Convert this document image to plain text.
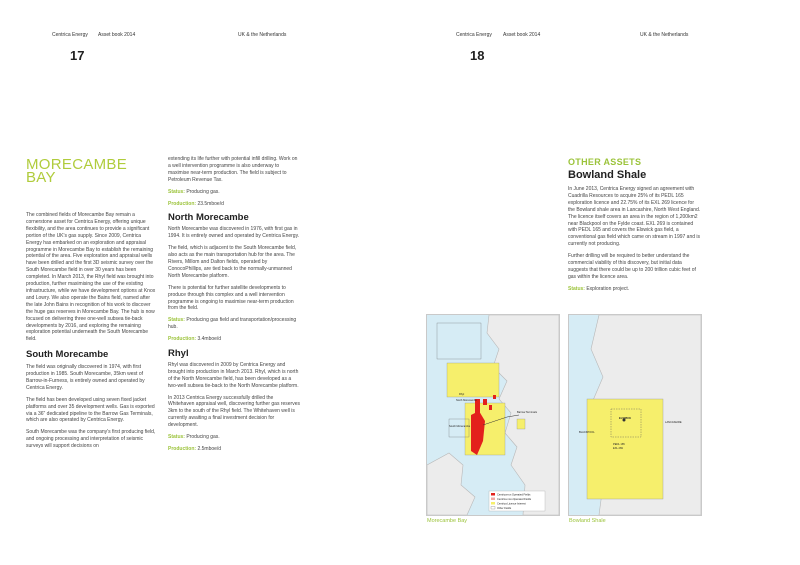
Centrica Energy Asset book 2014	UK & the Netherlands
17
Centrica Energy Asset book 2014	UK & the Netherlands
18
MORECAMBE
BAY

The combined fields of Morecambe Bay remain a cornerstone asset for Centrica Energy, offering unique flexibility, and the area continues to provide a significant portion of the UK's gas supply. Since 2009, Centrica Energy has embarked on an exploration and appraisal programme in Morecambe Bay to establish the remaining potential of the area. Five exploration and appraisal wells have been drilled and the first 3D seismic survey over the South Morecambe field in over 30 years has been completed. In March 2013, the Rhyl field was brought into production, further maximising the use of the existing infrastructure, while we have development options at Knox and Lowry. We also operate the Bains field, named after the late John Bains in recognition of his work to discover the huge gas reserves in Morecambe Bay. The hub is now focused on delivering three one-well subsea tie-back developments by 2016, and exploring the remaining exploration potential underneath the South Morecambe field.

South Morecambe

The field was originally discovered in 1974, with first production in 1985. South Morecambe, 35km west of Barrow-in-Furness, is entirely owned and operated by Centrica Energy.

The field has been developed using seven fixed jacket platforms and over 35 development wells. Gas is exported via a 36" dedicated pipeline to the Barrow Gas Terminals, which are also operated by Centrica Energy.

South Morecambe was the company's first producing field, and ongoing processing and interpretation of seismic surveys will support decisions on

extending its life further with potential infill drilling. Work on a well intervention programme is also underway to maximise near-term production. The field is subject to Petroleum Revenue Tax.

Status: Producing gas.

Production: 23.5mboe/d

North Morecambe

North Morecambe was discovered in 1976, with first gas in 1994. It is entirely owned and operated by Centrica Energy.

The field, which is adjacent to the South Morecambe field, also acts as the main transportation hub for the area. The Rivers, Millom and Dalton fields, operated by ConocoPhillips, are tied back to the normally-unmanned North Morecambe platform.

There is potential for further satellite developments to produce through this complex and a well intervention programme is ongoing to maximise near-term production from the field.

Status: Producing gas field and transportation/processing hub.

Production: 3.4mboe/d

Rhyl

Rhyl was discovered in 2009 by Centrica Energy and brought into production in March 2013. Rhyl, which is north of the North Morecambe field, has been developed as a two-well subsea tie-back to the North Morecambe platform.

In 2013 Centrica Energy successfully drilled the Whitehaven appraisal well, discovering further gas reserves 3km to the south of the Rhyl field. The Whitehaven well is currently awaiting a final investment decision for development.

Status: Producing gas.

Production: 2.5mboe/d

Barrow Terminals
North Morecambe
South Morecambe
Rhyl
Centrica-run Operated Fields
Centrica non-Operated Fields
Centrica Licence Interest
Other Fields
Morecambe Bay
OTHER ASSETS
Bowland Shale

In June 2013, Centrica Energy signed an agreement with Cuadrilla Resources to acquire 25% of its PEDL 165 exploration licence and 22.75% of its EXL 269 licence for the Bowland shale area in Lancashire, North West England. The licence itself covers an area in the region of 1,200km2 near Blackpool on the Fylde coast. EXL 269 is contained with PEDL 165 and covers the Elswick gas field, a conventional gas field which came on stream in 1997 and is currently not producing.

Further drilling will be required to better understand the commercial viability of this discovery, but initial data suggests that there could be up to 200 trillion cubic feet of gas within the licence area.

Status: Exploration project.

BLACKPOOL
ELSWICK
LANCASHIRE
PEDL 165
EXL 269
Bowland Shale
